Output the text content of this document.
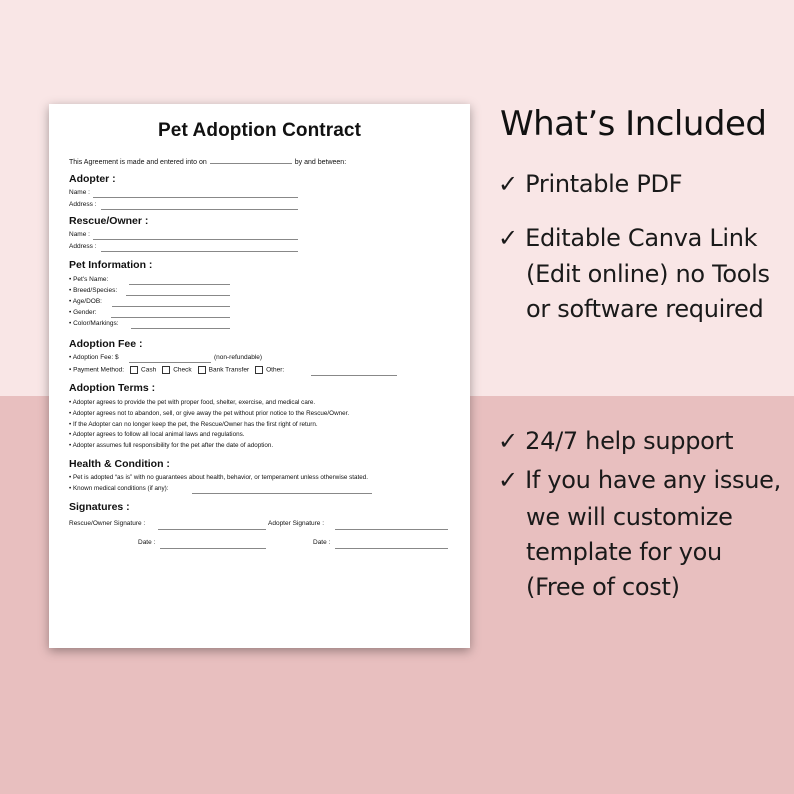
Pet Adoption Contract
This Agreement is made and entered into on	by and between:
Adopter :
Name :
Address :
Rescue/Owner :
Name :
Address :
Pet Information :
• Pet's Name:
• Breed/Species:
• Age/DOB:
• Gender:
• Color/Markings:
Adoption Fee :
• Adoption Fee: $	(non-refundable)
• Payment Method:	Cash	Check	Bank Transfer	Other:
Adoption Terms :
• Adopter agrees to provide the pet with proper food, shelter, exercise, and medical care.
• Adopter agrees not to abandon, sell, or give away the pet without prior notice to the Rescue/Owner.
• If the Adopter can no longer keep the pet, the Rescue/Owner has the first right of return.
• Adopter agrees to follow all local animal laws and regulations.
• Adopter assumes full responsibility for the pet after the date of adoption.
Health & Condition :
• Pet is adopted “as is” with no guarantees about health, behavior, or temperament unless otherwise stated.
• Known medical conditions (if any):
Signatures :
Rescue/Owner Signature :	Adopter Signature :
Date :	Date :
What’s Included
✓ Printable PDF
✓ Editable Canva Link
(Edit online) no Tools
or software required
✓ 24/7 help support
✓ If you have any issue,
we will customize
template for you
(Free of cost)
